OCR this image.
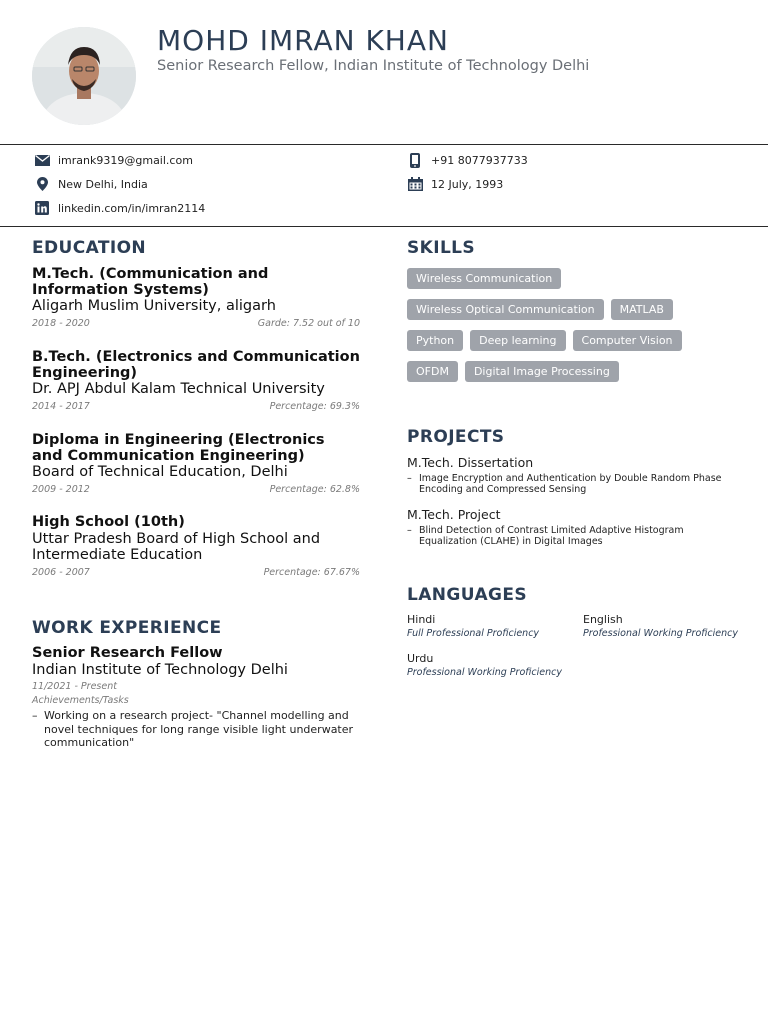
MOHD IMRAN KHAN
Senior Research Fellow, Indian Institute of Technology Delhi
imrank9319@gmail.com	+91 8077937733
New Delhi, India	12 July, 1993
linkedin.com/in/imran2114
EDUCATION
M.Tech. (Communication and Information Systems)
Aligarh Muslim University, aligarh
2018 - 2020	Garde: 7.52 out of 10
B.Tech. (Electronics and Communication Engineering)
Dr. APJ Abdul Kalam Technical University
2014 - 2017	Percentage: 69.3%
Diploma in Engineering (Electronics and Communication Engineering)
Board of Technical Education, Delhi
2009 - 2012	Percentage: 62.8%
High School (10th)
Uttar Pradesh Board of High School and Intermediate Education
2006 - 2007	Percentage: 67.67%
WORK EXPERIENCE
Senior Research Fellow
Indian Institute of Technology Delhi
11/2021 - Present
Achievements/Tasks
– Working on a research project- "Channel modelling and novel techniques for long range visible light underwater communication"
SKILLS
Wireless Communication
Wireless Optical Communication	MATLAB
Python	Deep learning	Computer Vision
OFDM	Digital Image Processing
PROJECTS
M.Tech. Dissertation
– Image Encryption and Authentication by Double Random Phase Encoding and Compressed Sensing
M.Tech. Project
– Blind Detection of Contrast Limited Adaptive Histogram Equalization (CLAHE) in Digital Images
LANGUAGES
Hindi
Full Professional Proficiency
English
Professional Working Proficiency
Urdu
Professional Working Proficiency
